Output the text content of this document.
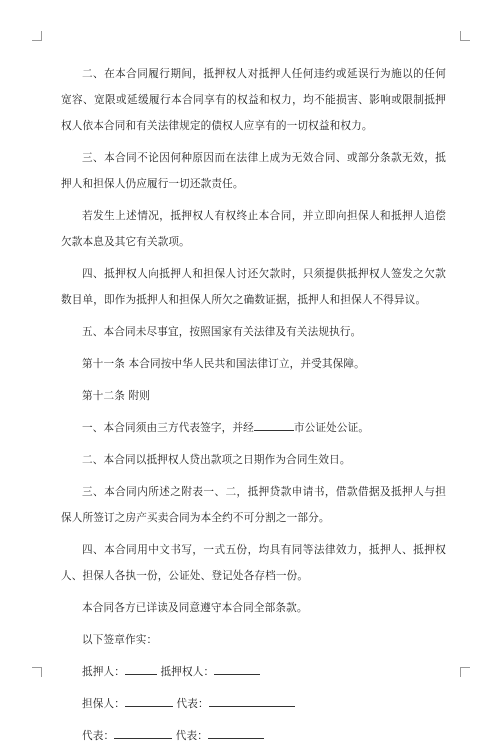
二、在本合同履行期间，抵押权人对抵押人任何违约或延误行为施以的任何宽容、宽限或延缓履行本合同享有的权益和权力，均不能损害、影响或限制抵押权人依本合同和有关法律规定的债权人应享有的一切权益和权力。

三、本合同不论因何种原因而在法律上成为无效合同、或部分条款无效，抵押人和担保人仍应履行一切还款责任。

若发生上述情况，抵押权人有权终止本合同，并立即向担保人和抵押人追偿欠款本息及其它有关款项。

四、抵押权人向抵押人和担保人讨还欠款时，只须提供抵押权人签发之欠款数目单，即作为抵押人和担保人所欠之确数证据，抵押人和担保人不得异议。

五、本合同未尽事宜，按照国家有关法律及有关法规执行。

第十一条 本合同按中华人民共和国法律订立，并受其保障。

第十二条 附则

一、本合同须由三方代表签字，并经	市公证处公证。

二、本合同以抵押权人贷出款项之日期作为合同生效日。

三、本合同内所述之附表一、二，抵押贷款申请书，借款借据及抵押人与担保人所签订之房产买卖合同为本全约不可分割之一部分。

四、本合同用中文书写，一式五份，均具有同等法律效力，抵押人、抵押权人、担保人各执一份，公证处、登记处各存档一份。

本合同各方已详读及同意遵守本合同全部条款。

以下签章作实：

抵押人：	抵押权人：

担保人：	代表：

代表：	代表：
